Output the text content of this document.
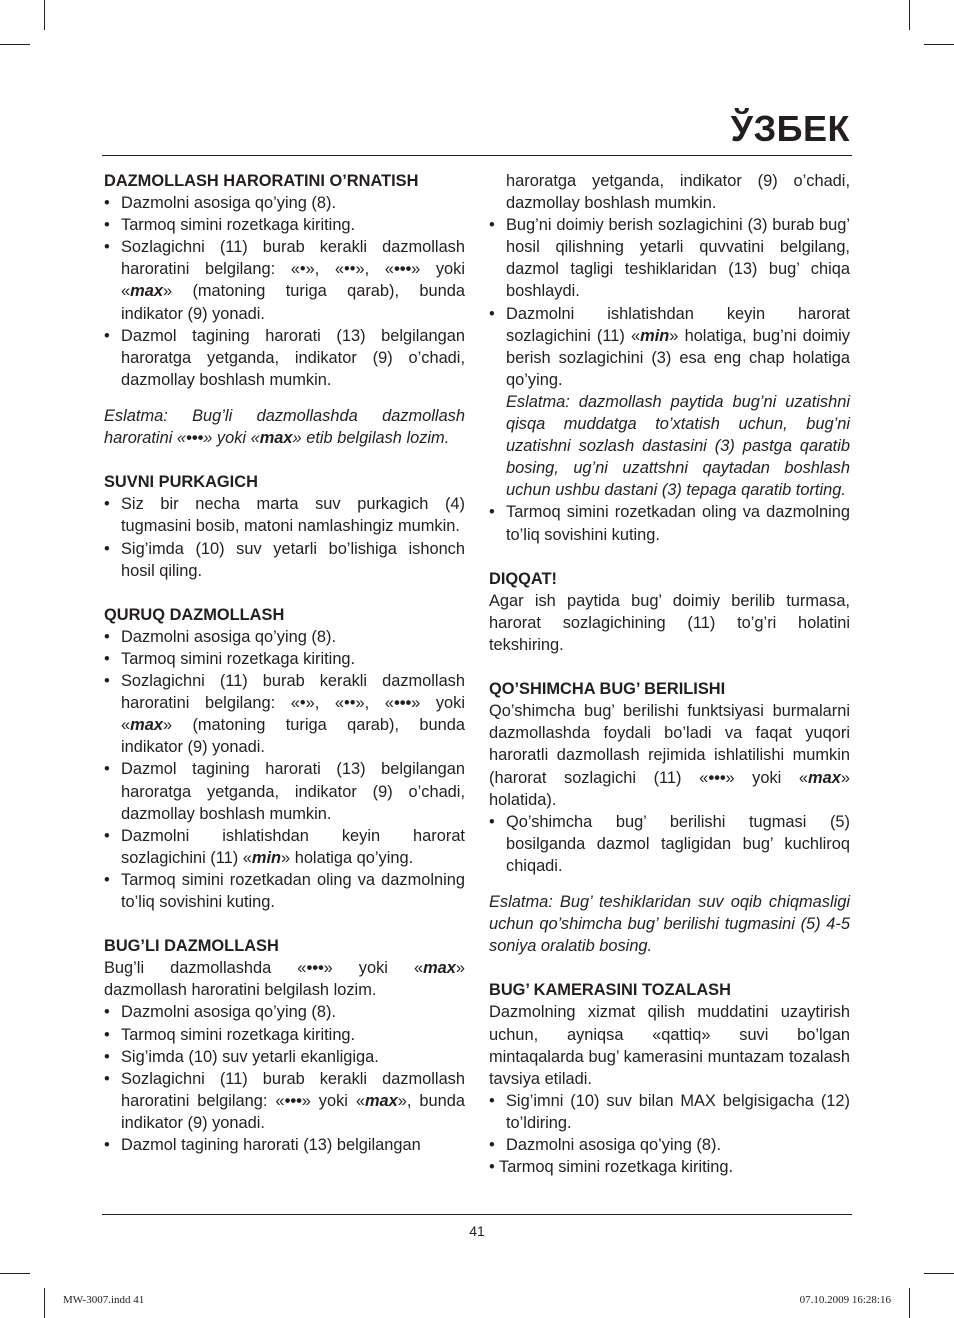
ЎЗБЕК
DAZMOLLASH HARORATINI O’RNATISH
• Dazmolni asosiga qo’ying (8).
• Tarmoq simini rozetkaga kiriting.
• Sozlagichni (11) burab kerakli dazmollash haroratini belgilang: «•», «••», «•••» yoki «max» (matoning turiga qarab), bunda indikator (9) yonadi.
• Dazmol tagining harorati (13) belgilangan haroratga yetganda, indikator (9) o’chadi, dazmollay boshlash mumkin.

Eslatma: Bug’li dazmollashda dazmollash haroratini «•••» yoki «max» etib belgilash lozim.

SUVNI PURKAGICH
• Siz bir necha marta suv purkagich (4) tugmasini bosib, matoni namlashingiz mumkin.
• Sig’imda (10) suv yetarli bo’lishiga ishonch hosil qiling.
QURUQ DAZMOLLASH
• Dazmolni asosiga qo’ying (8).
• Tarmoq simini rozetkaga kiriting.
• Sozlagichni (11) burab kerakli dazmollash haroratini belgilang: «•», «••», «•••» yoki «max» (matoning turiga qarab), bunda indikator (9) yonadi.
• Dazmol tagining harorati (13) belgilangan haroratga yetganda, indikator (9) o’chadi, dazmollay boshlash mumkin.
• Dazmolni ishlatishdan keyin harorat sozlagichini (11) «min» holatiga qo’ying.
• Tarmoq simini rozetkadan oling va dazmolning to’liq sovishini kuting.
BUG’LI DAZMOLLASH

Bug’li dazmollashda «•••» yoki «max» dazmollash haroratini belgilash lozim.

• Dazmolni asosiga qo’ying (8).
• Tarmoq simini rozetkaga kiriting.
• Sig’imda (10) suv yetarli ekanligiga.
• Sozlagichni (11) burab kerakli dazmollash haroratini belgilang: «•••» yoki «max», bunda indikator (9) yonadi.
• Dazmol tagining harorati (13) belgilangan
haroratga yetganda, indikator (9) o’chadi, dazmollay boshlash mumkin.
• Bug’ni doimiy berish sozlagichini (3) burab bug’ hosil qilishning yetarli quvvatini belgilang, dazmol tagligi teshiklaridan (13) bug’ chiqa boshlaydi.
• Dazmolni ishlatishdan keyin harorat sozlagichini (11) «min» holatiga, bug’ni doimiy berish sozlagichini (3) esa eng chap holatiga qo’ying.
Eslatma: dazmollash paytida bug’ni uzatishni qisqa muddatga to’xtatish uchun, bug’ni uzatishni sozlash dastasini (3) pastga qaratib bosing, ug’ni uzattshni qaytadan boshlash uchun ushbu dastani (3) tepaga qaratib torting.
• Tarmoq simini rozetkadan oling va dazmolning to’liq sovishini kuting.
DIQQAT!

Agar ish paytida bug’ doimiy berilib turmasa, harorat sozlagichining (11) to’g’ri holatini tekshiring.

QO’SHIMCHA BUG’ BERILISHI

Qo’shimcha bug’ berilishi funktsiyasi burmalarni dazmollashda foydali bo’ladi va faqat yuqori haroratli dazmollash rejimida ishlatilishi mumkin (harorat sozlagichi (11) «•••» yoki «max» holatida).

• Qo’shimcha bug’ berilishi tugmasi (5) bosilganda dazmol tagligidan bug’ kuchliroq chiqadi.

Eslatma: Bug’ teshiklaridan suv oqib chiqmasligi uchun qo’shimcha bug’ berilishi tugmasini (5) 4-5 soniya oralatib bosing.

BUG’ KAMERASINI TOZALASH

Dazmolning xizmat qilish muddatini uzaytirish uchun, ayniqsa «qattiq» suvi bo’lgan mintaqalarda bug’ kamerasini muntazam tozalash tavsiya etiladi.

• Sig’imni (10) suv bilan MAX belgisigacha (12) to’ldiring.
• Dazmolni asosiga qo’ying (8).

• Tarmoq simini rozetkaga kiriting.

41
MW-3007.indd 41	07.10.2009 16:28:16
